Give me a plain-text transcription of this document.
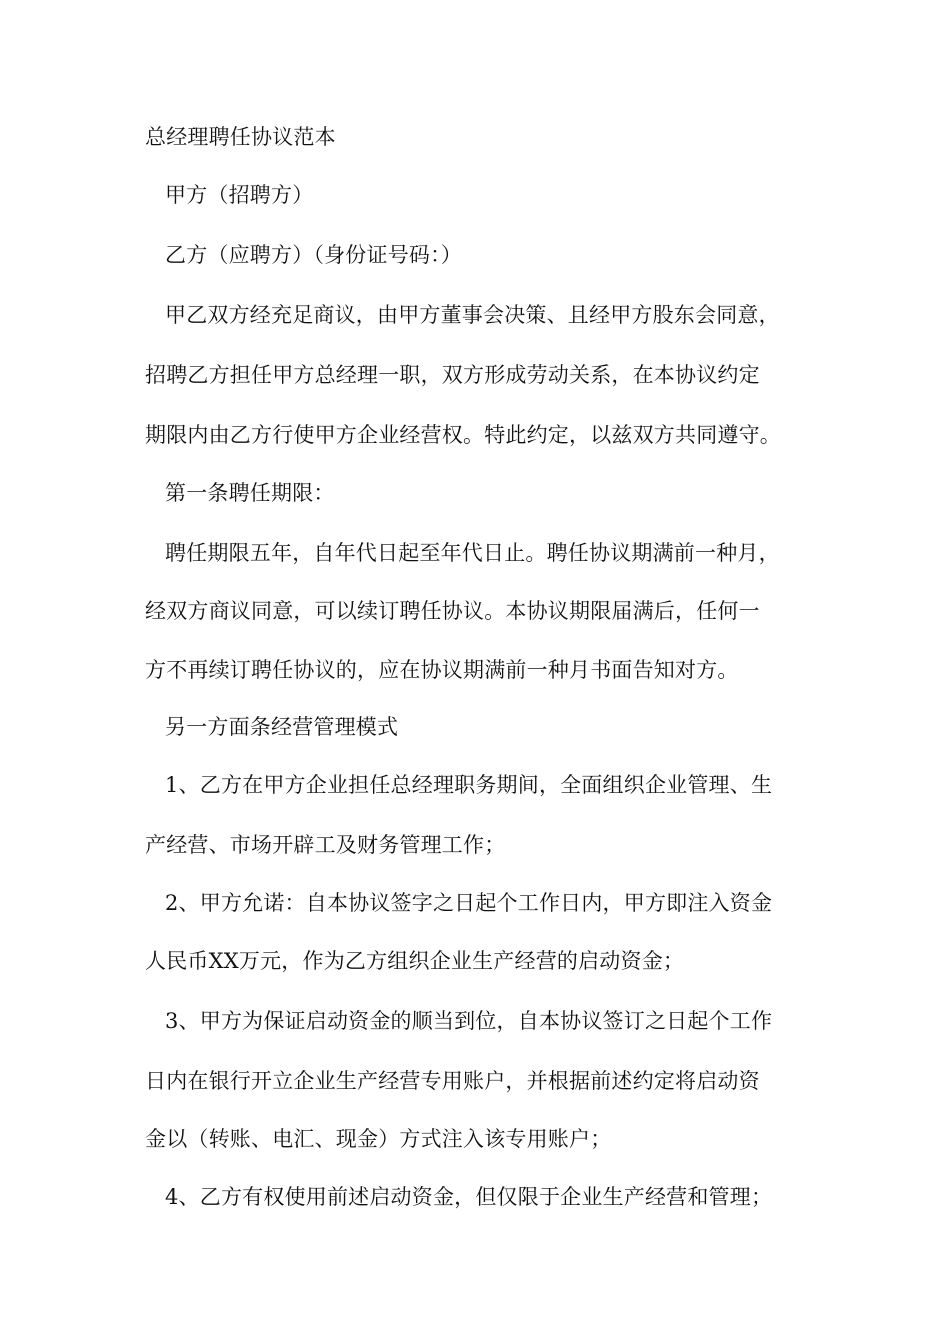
总经理聘任协议范本
甲方（招聘方）
乙方（应聘方）（身份证号码：）
甲乙双方经充足商议，由甲方董事会决策、且经甲方股东会同意，
招聘乙方担任甲方总经理一职，双方形成劳动关系，在本协议约定
期限内由乙方行使甲方企业经营权。特此约定，以兹双方共同遵守。
第一条聘任期限：
聘任期限五年，自年代日起至年代日止。聘任协议期满前一种月，
经双方商议同意，可以续订聘任协议。本协议期限届满后，任何一
方不再续订聘任协议的，应在协议期满前一种月书面告知对方。
另一方面条经营管理模式
1、乙方在甲方企业担任总经理职务期间，全面组织企业管理、生
产经营、市场开辟工及财务管理工作；
2、甲方允诺：自本协议签字之日起个工作日内，甲方即注入资金
人民币XX万元，作为乙方组织企业生产经营的启动资金；
3、甲方为保证启动资金的顺当到位，自本协议签订之日起个工作
日内在银行开立企业生产经营专用账户，并根据前述约定将启动资
金以（转账、电汇、现金）方式注入该专用账户；
4、乙方有权使用前述启动资金，但仅限于企业生产经营和管理；
